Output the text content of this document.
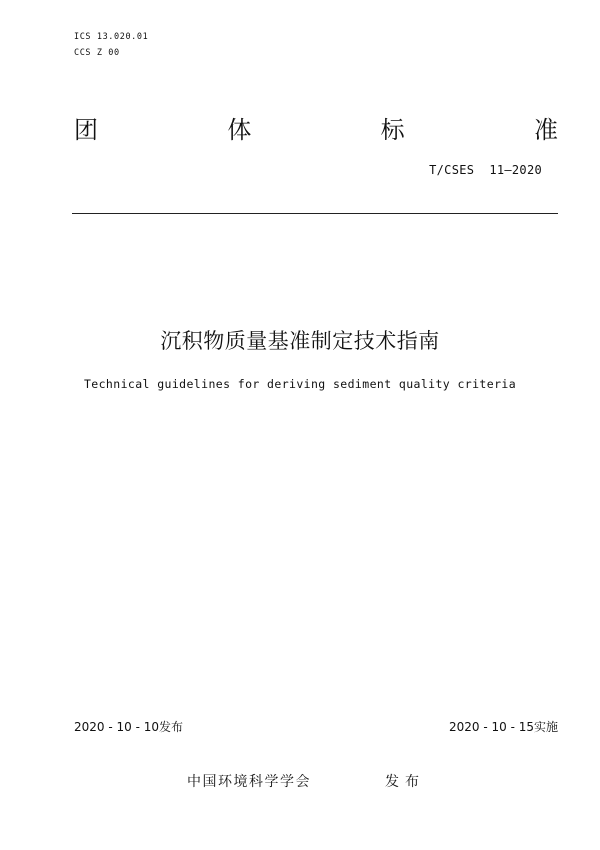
ICS 13.020.01
CCS Z 00
团	体	标	准
T/CSES  11—2020
沉积物质量基准制定技术指南
Technical guidelines for deriving sediment quality criteria
2020 - 10 - 10发布	2020 - 10 - 15实施
中国环境科学学会	发布
